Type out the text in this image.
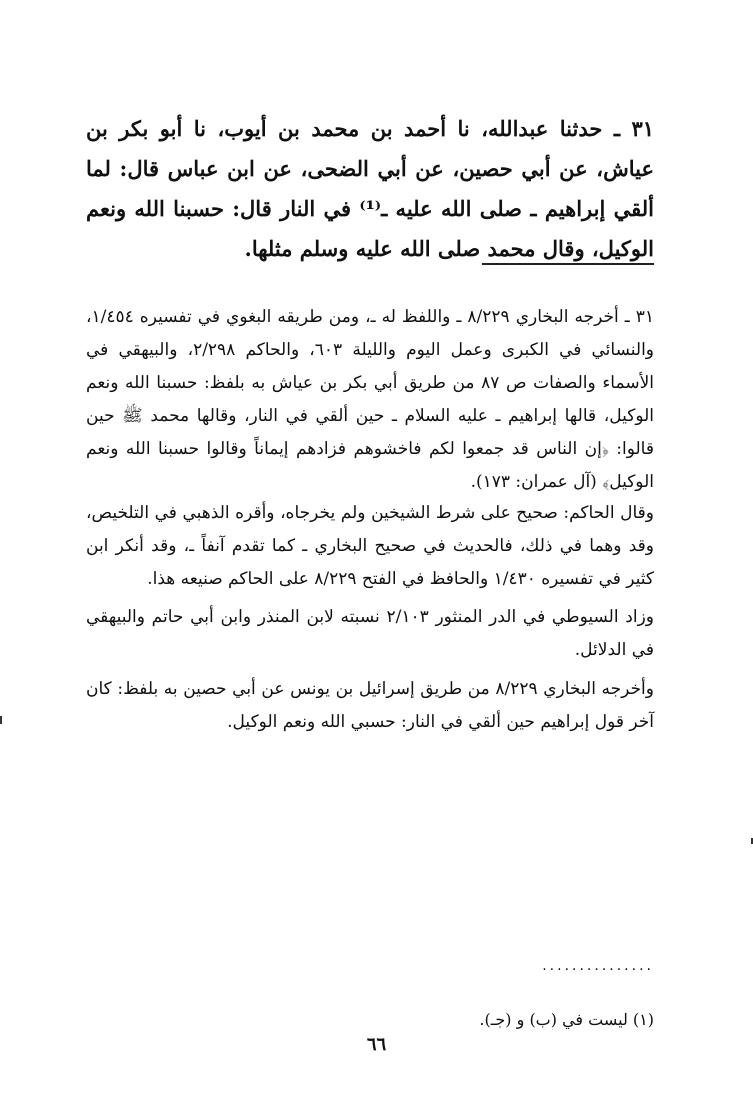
٣١ ـ حدثنا عبدالله، نا أحمد بن محمد بن أيوب، نا أبو بكر بن عياش، عن أبي حصين، عن أبي الضحى، عن ابن عباس قال: لما ألقي إبراهيم ـ صلى الله عليه ـ⁽¹⁾ في النار قال: حسبنا الله ونعم الوكيل، وقال محمد صلى الله عليه وسلم مثلها.

٣١ ـ أخرجه البخاري ٨/٢٢٩ ـ واللفظ له ـ، ومن طريقه البغوي في تفسيره ١/٤٥٤، والنسائي في الكبرى وعمل اليوم والليلة ٦٠٣، والحاكم ٢/٢٩٨، والبيهقي في الأسماء والصفات ص ٨٧ من طريق أبي بكر بن عياش به بلفظ: حسبنا الله ونعم الوكيل، قالها إبراهيم ـ عليه السلام ـ حين ألقي في النار، وقالها محمد ﷺ حين قالوا: ﴿إن الناس قد جمعوا لكم فاخشوهم فزادهم إيماناً وقالوا حسبنا الله ونعم الوكيل﴾ (آل عمران: ١٧٣).

وقال الحاكم: صحيح على شرط الشيخين ولم يخرجاه، وأقره الذهبي في التلخيص، وقد وهما في ذلك، فالحديث في صحيح البخاري ـ كما تقدم آنفاً ـ، وقد أنكر ابن كثير في تفسيره ١/٤٣٠ والحافظ في الفتح ٨/٢٢٩ على الحاكم صنيعه هذا.

وزاد السيوطي في الدر المنثور ٢/١٠٣ نسبته لابن المنذر وابن أبي حاتم والبيهقي في الدلائل.

وأخرجه البخاري ٨/٢٢٩ من طريق إسرائيل بن يونس عن أبي حصين به بلفظ: كان آخر قول إبراهيم حين ألقي في النار: حسبي الله ونعم الوكيل.

...............

(١) ليست في (ب) و (جـ).

٦٦
